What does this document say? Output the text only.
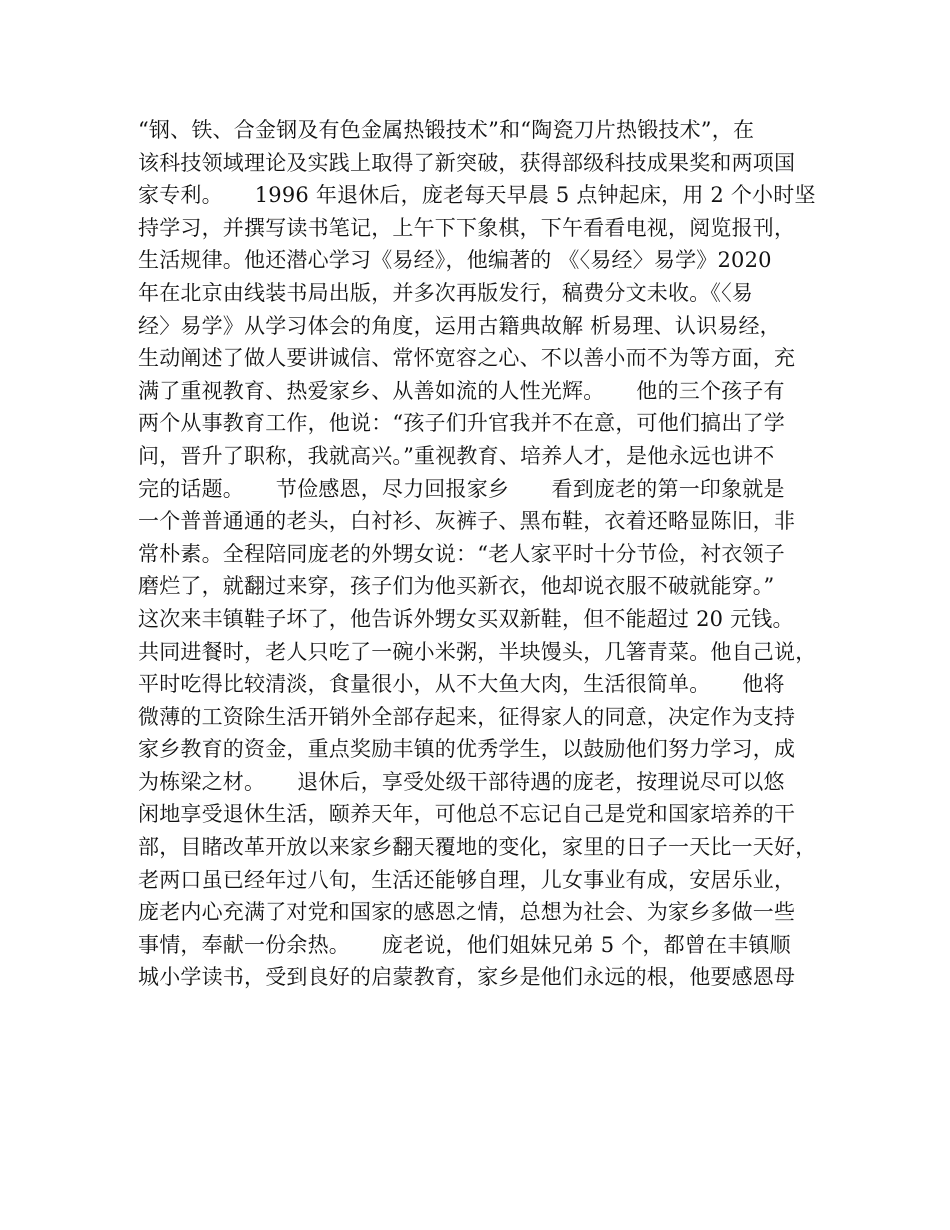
“钢、铁、合金钢及有色金属热锻技术”和“陶瓷刀片热锻技术”，在
该科技领域理论及实践上取得了新突破，获得部级科技成果奖和两项国
家专利。　　1996 年退休后，庞老每天早晨 5 点钟起床，用 2 个小时坚
持学习，并撰写读书笔记，上午下下象棋，下午看看电视，阅览报刊，
生活规律。他还潜心学习《易经》，他编著的 《〈易经〉易学》2020
年在北京由线装书局出版，并多次再版发行，稿费分文未收。《〈易
经〉易学》从学习体会的角度，运用古籍典故解 析易理、认识易经，
生动阐述了做人要讲诚信、常怀宽容之心、不以善小而不为等方面，充
满了重视教育、热爱家乡、从善如流的人性光辉。　　他的三个孩子有
两个从事教育工作，他说：“孩子们升官我并不在意，可他们搞出了学
问，晋升了职称，我就高兴。”重视教育、培养人才，是他永远也讲不
完的话题。　　节俭感恩，尽力回报家乡　　看到庞老的第一印象就是
一个普普通通的老头，白衬衫、灰裤子、黑布鞋，衣着还略显陈旧，非
常朴素。全程陪同庞老的外甥女说：“老人家平时十分节俭，衬衣领子
磨烂了，就翻过来穿，孩子们为他买新衣，他却说衣服不破就能穿。”
这次来丰镇鞋子坏了，他告诉外甥女买双新鞋，但不能超过 20 元钱。
共同进餐时，老人只吃了一碗小米粥，半块馒头，几箸青菜。他自己说，
平时吃得比较清淡，食量很小，从不大鱼大肉，生活很简单。　　他将
微薄的工资除生活开销外全部存起来，征得家人的同意，决定作为支持
家乡教育的资金，重点奖励丰镇的优秀学生，以鼓励他们努力学习，成
为栋梁之材。　　退休后，享受处级干部待遇的庞老，按理说尽可以悠
闲地享受退休生活，颐养天年，可他总不忘记自己是党和国家培养的干
部，目睹改革开放以来家乡翻天覆地的变化，家里的日子一天比一天好，
老两口虽已经年过八旬，生活还能够自理，儿女事业有成，安居乐业，
庞老内心充满了对党和国家的感恩之情，总想为社会、为家乡多做一些
事情，奉献一份余热。　　庞老说，他们姐妹兄弟 5 个，都曾在丰镇顺
城小学读书，受到良好的启蒙教育，家乡是他们永远的根，他要感恩母
